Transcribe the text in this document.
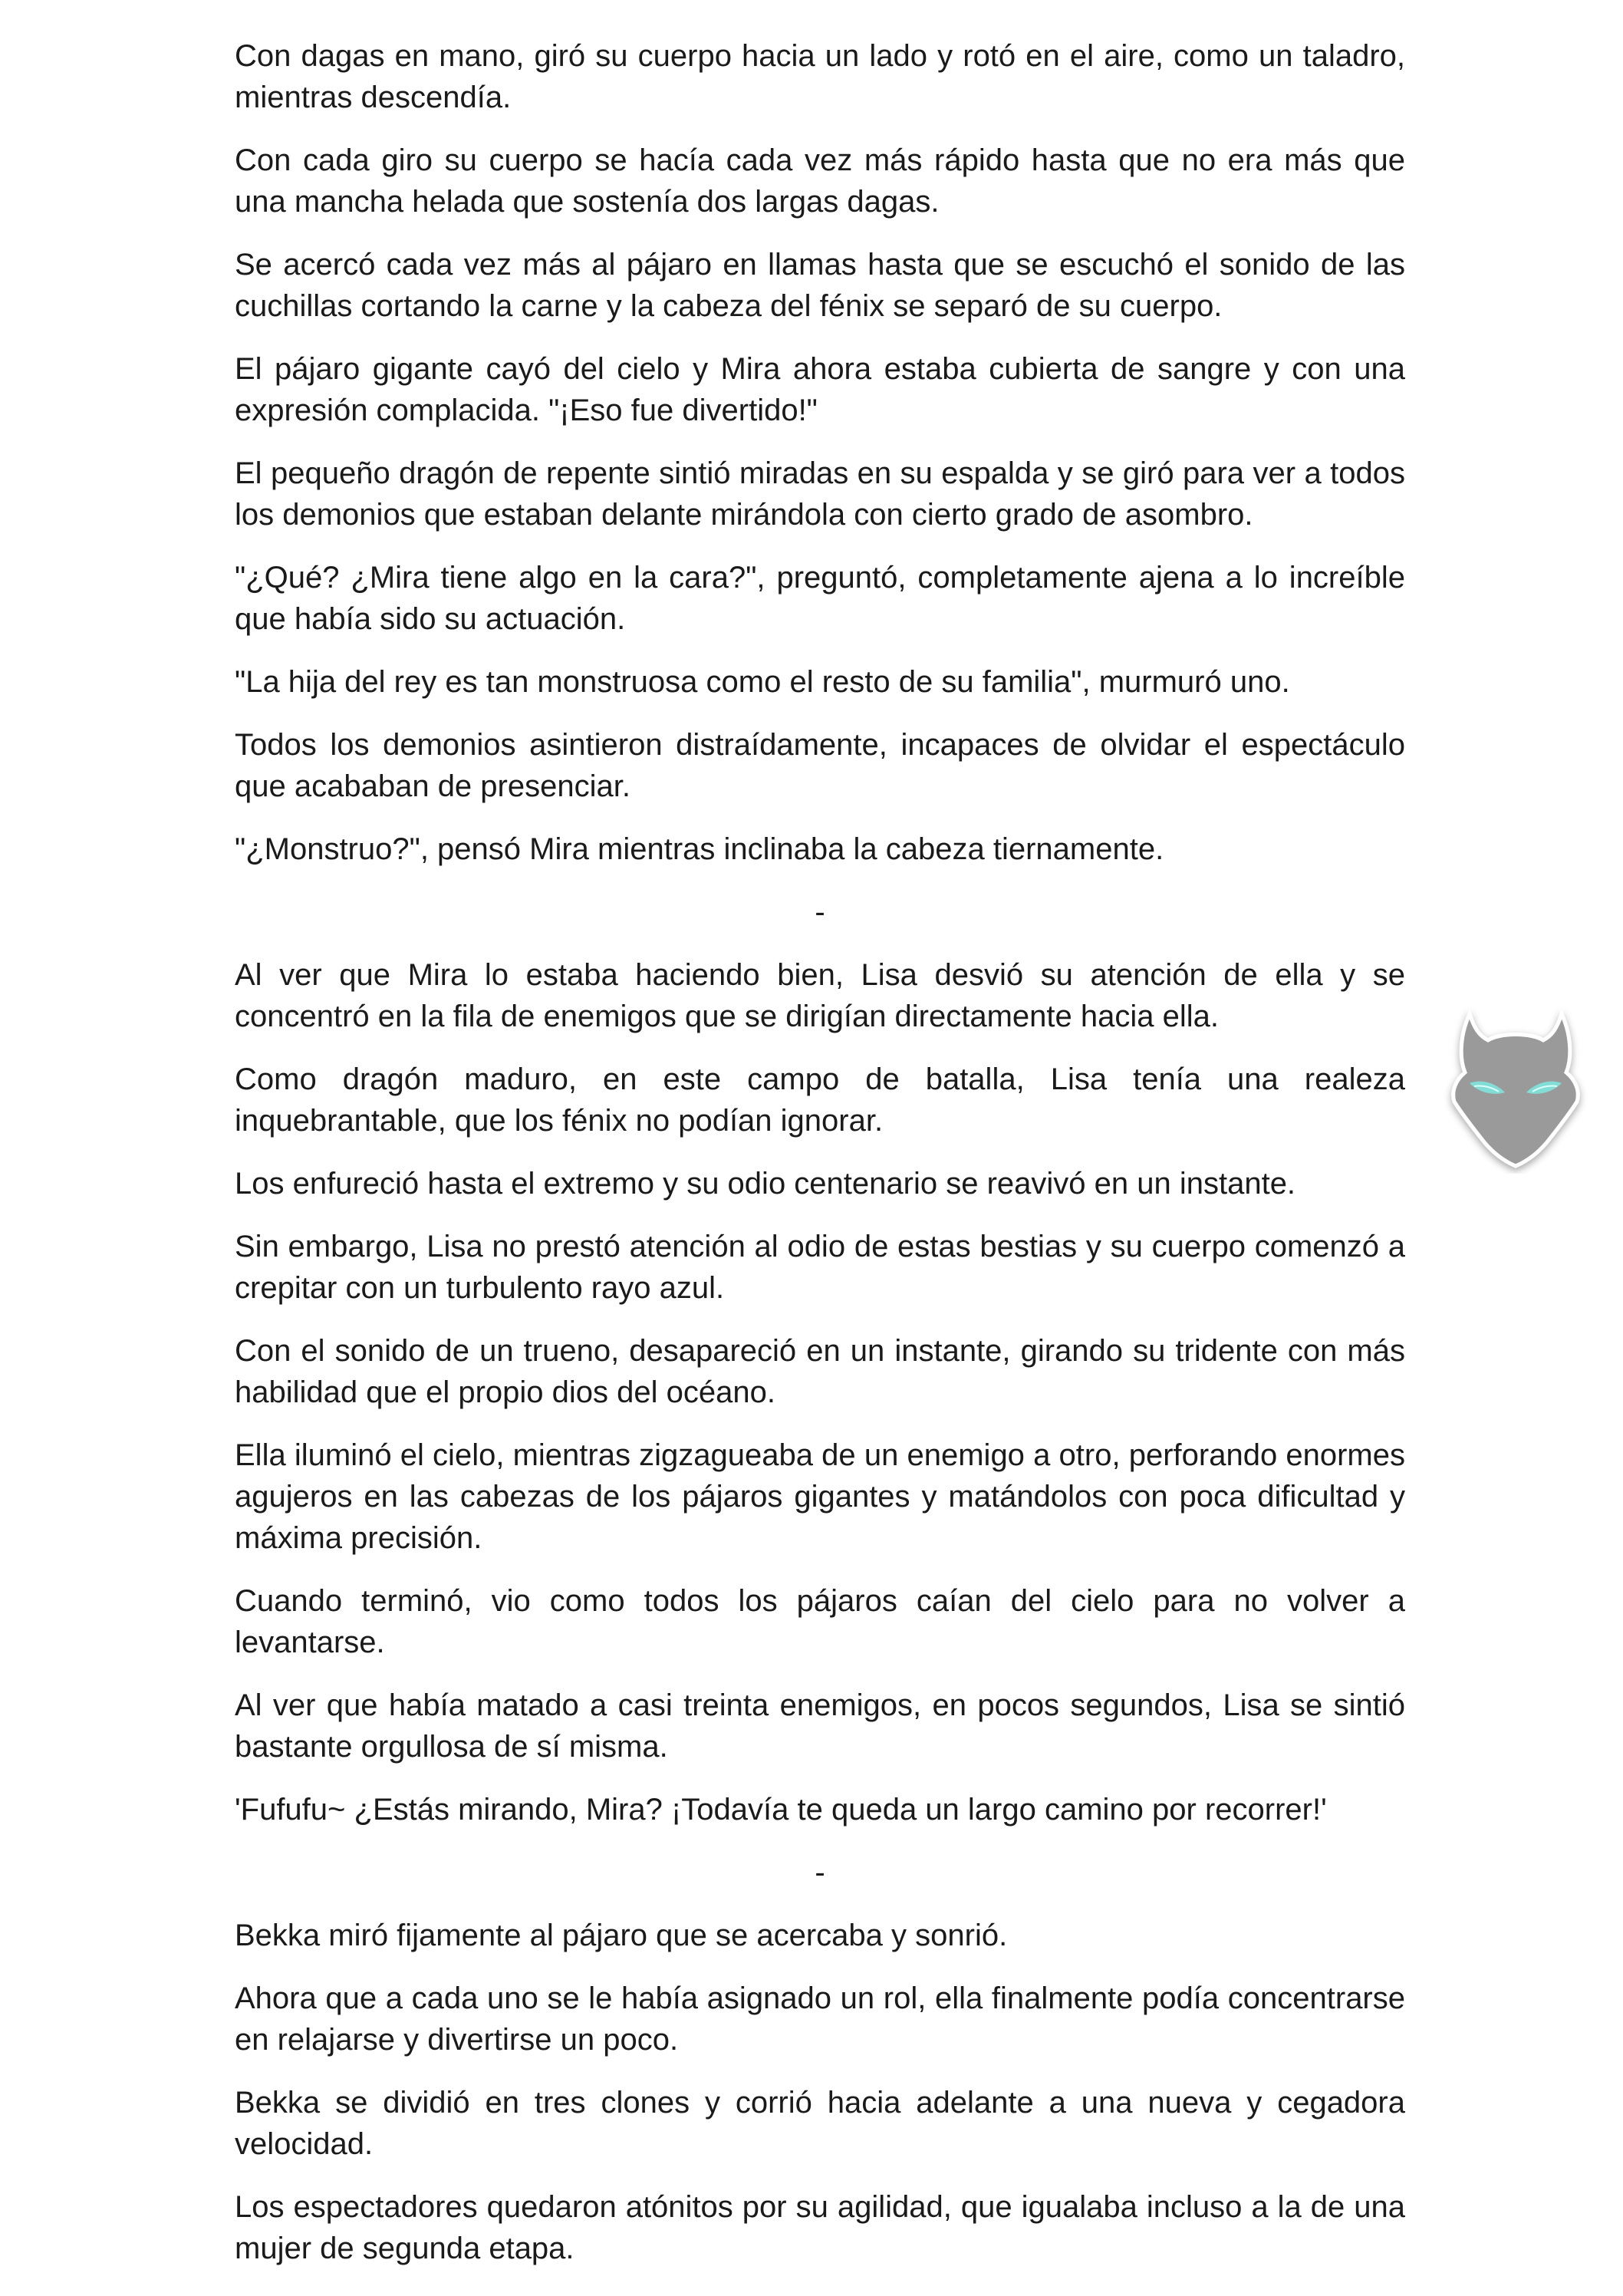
Con dagas en mano, giró su cuerpo hacia un lado y rotó en el aire, como un taladro, mientras descendía.

Con cada giro su cuerpo se hacía cada vez más rápido hasta que no era más que una mancha helada que sostenía dos largas dagas.

Se acercó cada vez más al pájaro en llamas hasta que se escuchó el sonido de las cuchillas cortando la carne y la cabeza del fénix se separó de su cuerpo.

El pájaro gigante cayó del cielo y Mira ahora estaba cubierta de sangre y con una expresión complacida. "¡Eso fue divertido!"

El pequeño dragón de repente sintió miradas en su espalda y se giró para ver a todos los demonios que estaban delante mirándola con cierto grado de asombro.

"¿Qué? ¿Mira tiene algo en la cara?", preguntó, completamente ajena a lo increíble que había sido su actuación.

"La hija del rey es tan monstruosa como el resto de su familia", murmuró uno.

Todos los demonios asintieron distraídamente, incapaces de olvidar el espectáculo que acababan de presenciar.

"¿Monstruo?", pensó Mira mientras inclinaba la cabeza tiernamente.

-

Al ver que Mira lo estaba haciendo bien, Lisa desvió su atención de ella y se concentró en la fila de enemigos que se dirigían directamente hacia ella.

Como dragón maduro, en este campo de batalla, Lisa tenía una realeza inquebrantable, que los fénix no podían ignorar.

Los enfureció hasta el extremo y su odio centenario se reavivó en un instante.

Sin embargo, Lisa no prestó atención al odio de estas bestias y su cuerpo comenzó a crepitar con un turbulento rayo azul.

Con el sonido de un trueno, desapareció en un instante, girando su tridente con más habilidad que el propio dios del océano.

Ella iluminó el cielo, mientras zigzagueaba de un enemigo a otro, perforando enormes agujeros en las cabezas de los pájaros gigantes y matándolos con poca dificultad y máxima precisión.

Cuando terminó, vio como todos los pájaros caían del cielo para no volver a levantarse.

Al ver que había matado a casi treinta enemigos, en pocos segundos, Lisa se sintió bastante orgullosa de sí misma.

'Fufufu~ ¿Estás mirando, Mira? ¡Todavía te queda un largo camino por recorrer!'

-

Bekka miró fijamente al pájaro que se acercaba y sonrió.

Ahora que a cada uno se le había asignado un rol, ella finalmente podía concentrarse en relajarse y divertirse un poco.

Bekka se dividió en tres clones y corrió hacia adelante a una nueva y cegadora velocidad.

Los espectadores quedaron atónitos por su agilidad, que igualaba incluso a la de una mujer de segunda etapa.
